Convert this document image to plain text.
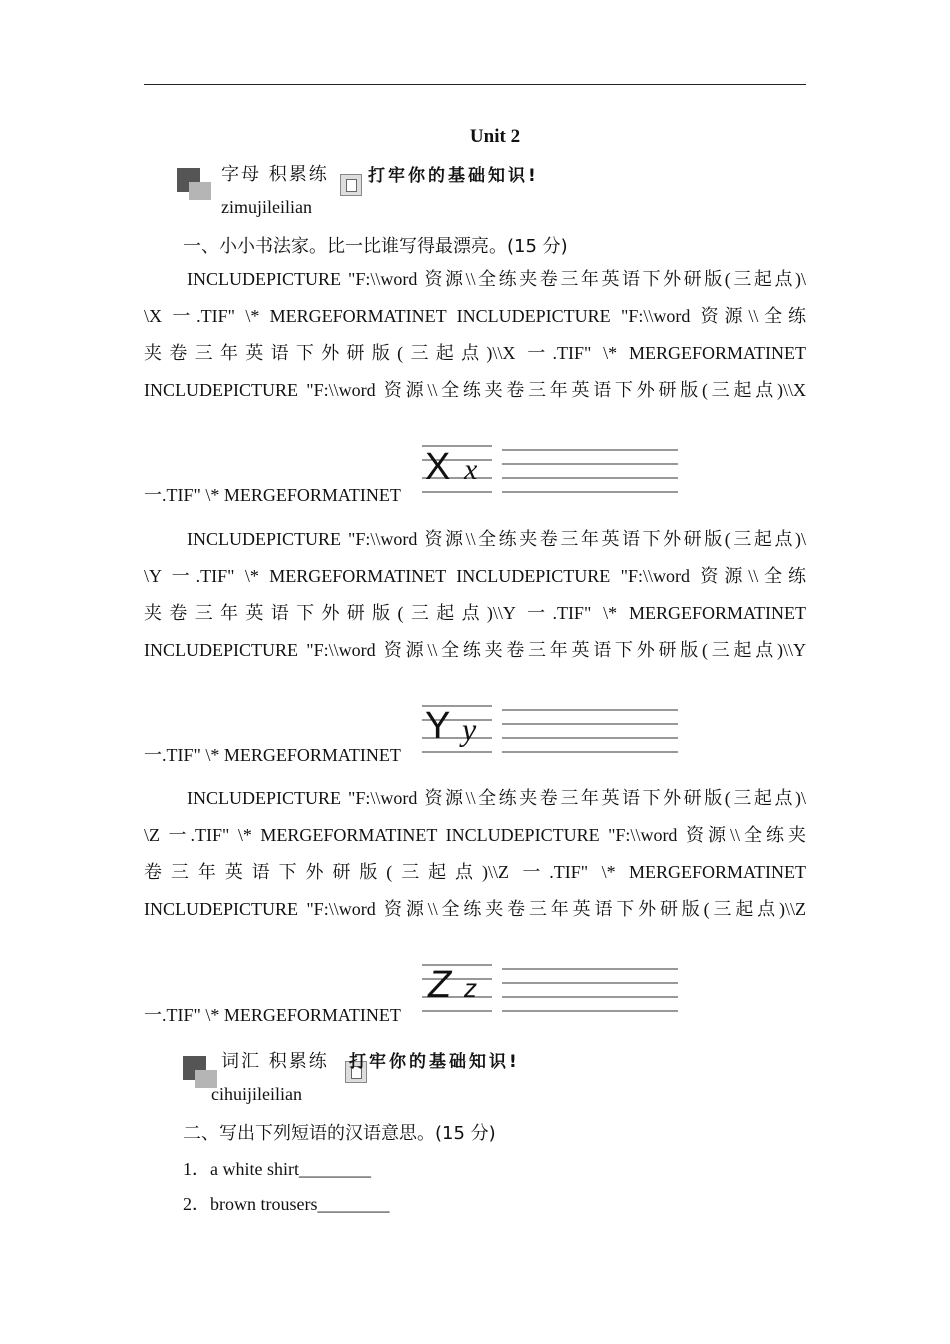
Unit 2
字母 积累练
zimujileilian
打牢你的基础知识!
一、小小书法家。比一比谁写得最漂亮。(15 分)

INCLUDEPICTURE "F:\\word 资源\\全练夹卷三年英语下外研版(三起点)\

\X 一.TIF" \* MERGEFORMATINET INCLUDEPICTURE "F:\\word 资源\\全练

夹卷三年英语下外研版(三起点)\\X 一.TIF" \* MERGEFORMATINET

INCLUDEPICTURE "F:\\word 资源\\全练夹卷三年英语下外研版(三起点)\\X

一.TIF" \* MERGEFORMATINET
X x

INCLUDEPICTURE "F:\\word 资源\\全练夹卷三年英语下外研版(三起点)\

\Y 一.TIF" \* MERGEFORMATINET INCLUDEPICTURE "F:\\word 资源\\全练

夹卷三年英语下外研版(三起点)\\Y 一.TIF" \* MERGEFORMATINET

INCLUDEPICTURE "F:\\word 资源\\全练夹卷三年英语下外研版(三起点)\\Y

一.TIF" \* MERGEFORMATINET
Y y

INCLUDEPICTURE "F:\\word 资源\\全练夹卷三年英语下外研版(三起点)\

\Z 一.TIF" \* MERGEFORMATINET INCLUDEPICTURE "F:\\word 资源\\全练夹

卷三年英语下外研版(三起点)\\Z 一.TIF" \* MERGEFORMATINET

INCLUDEPICTURE "F:\\word 资源\\全练夹卷三年英语下外研版(三起点)\\Z

一.TIF" \* MERGEFORMATINET
Z z
词汇 积累练
cihuijileilian
打牢你的基础知识!
二、写出下列短语的汉语意思。(15 分)
1．a white shirt________
2．brown trousers________
